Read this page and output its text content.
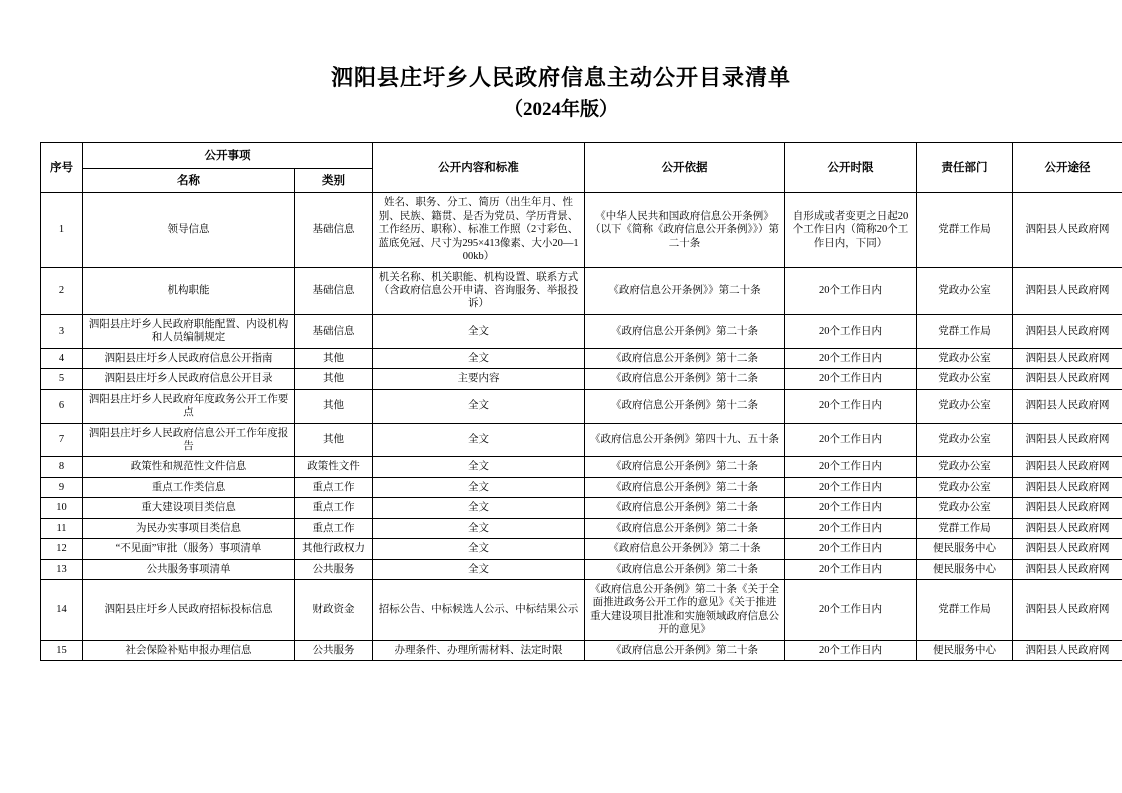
泗阳县庄圩乡人民政府信息主动公开目录清单
（2024年版）
序号	公开事项		公开内容和标准	公开依据	公开时限	责任部门	公开途径
	名称	类别					
1	领导信息	基础信息	姓名、职务、分工、简历（出生年月、性别、民族、籍贯、是否为党员、学历背景、工作经历、职称）、标准工作照（2寸彩色、蓝底免冠、尺寸为295×413像素、大小20—100kb）	《中华人民共和国政府信息公开条例》（以下《简称《政府信息公开条例》》）第二十条	自形成或者变更之日起20个工作日内（简称20个工作日内，下同）	党群工作局	泗阳县人民政府网
2	机构职能	基础信息	机关名称、机关职能、机构设置、联系方式（含政府信息公开申请、咨询服务、举报投诉）	《政府信息公开条例》》第二十条	20个工作日内	党政办公室	泗阳县人民政府网
3	泗阳县庄圩乡人民政府职能配置、内设机构和人员编制规定	基础信息	全文	《政府信息公开条例》第二十条	20个工作日内	党群工作局	泗阳县人民政府网
4	泗阳县庄圩乡人民政府信息公开指南	其他	全文	《政府信息公开条例》第十二条	20个工作日内	党政办公室	泗阳县人民政府网
5	泗阳县庄圩乡人民政府信息公开目录	其他	主要内容	《政府信息公开条例》第十二条	20个工作日内	党政办公室	泗阳县人民政府网
6	泗阳县庄圩乡人民政府年度政务公开工作要点	其他	全文	《政府信息公开条例》第十二条	20个工作日内	党政办公室	泗阳县人民政府网
7	泗阳县庄圩乡人民政府信息公开工作年度报告	其他	全文	《政府信息公开条例》第四十九、五十条	20个工作日内	党政办公室	泗阳县人民政府网
8	政策性和规范性文件信息	政策性文件	全文	《政府信息公开条例》第二十条	20个工作日内	党政办公室	泗阳县人民政府网
9	重点工作类信息	重点工作	全文	《政府信息公开条例》第二十条	20个工作日内	党政办公室	泗阳县人民政府网
10	重大建设项目类信息	重点工作	全文	《政府信息公开条例》第二十条	20个工作日内	党政办公室	泗阳县人民政府网
11	为民办实事项目类信息	重点工作	全文	《政府信息公开条例》第二十条	20个工作日内	党群工作局	泗阳县人民政府网
12	“不见面”审批（服务）事项清单	其他行政权力	全文	《政府信息公开条例》》第二十条	20个工作日内	便民服务中心	泗阳县人民政府网
13	公共服务事项清单	公共服务	全文	《政府信息公开条例》第二十条	20个工作日内	便民服务中心	泗阳县人民政府网
14	泗阳县庄圩乡人民政府招标投标信息	财政资金	招标公告、中标候选人公示、中标结果公示	《政府信息公开条例》第二十条《关于全面推进政务公开工作的意见》《关于推进重大建设项目批准和实施领域政府信息公开的意见》	20个工作日内	党群工作局	泗阳县人民政府网
15	社会保险补贴申报办理信息	公共服务	办理条件、办理所需材料、法定时限	《政府信息公开条例》第二十条	20个工作日内	便民服务中心	泗阳县人民政府网
